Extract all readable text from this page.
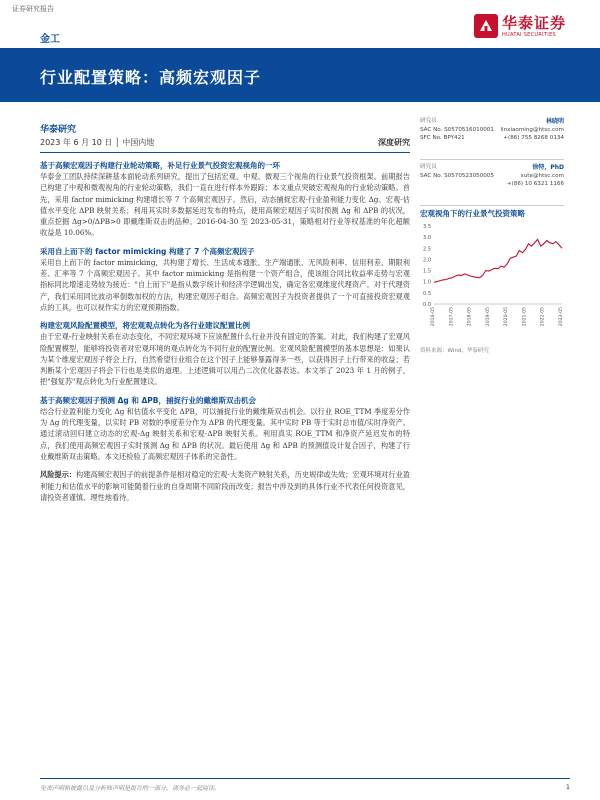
证券研究报告
金工
华泰证券
HUATAI SECURITIES
行业配置策略：高频宏观因子
华泰研究
2023 年 6 月 10 日 │ 中国内地	深度研究
研究员	林晓明
SAC No. S0570516010001 linxiaoming@htsc.com
SFC No. BPY421	+(86) 755 8268 0134
研究员	徐特，PhD
SAC No. S0570523050005	xute@htsc.com
+(86) 10 6321 1166
宏观视角下的行业景气投资策略
0.0
0.5
1.0
1.5
2.0
2.5
3.0
3.5
2016-05	2017-05	2018-05	2019-05	2020-05	2021-05	2022-05	2023-05
资料来源：Wind，华泰研究
基于高频宏观因子构建行业轮动策略，补足行业景气投资宏观视角的一环
华泰金工团队持续深耕基本面轮动系列研究，提出了包括宏观、中观、微观三个视角的行业景气投资框架。前期报告已构建了中观和微观视角的行业轮动策略，我们一直在进行样本外跟踪；本文重点突破宏观视角的行业轮动策略。首先，采用 factor mimicking 构建增长等 7 个高频宏观因子。然后，动态捕捉宏观-行业盈利能力变化 Δg、宏观-估值水平变化 ΔPB 映射关系；利用其实时多数据延迟发布的特点，使用高频宏观因子实时预测 Δg 和 ΔPB 的状况，重点挖掘 Δg>0/ΔPB>0 即戴维斯双击的品种。2016-04-30 至 2023-05-31，策略相对行业等权基准的年化超额收益是 10.06%。
采用自上而下的 factor mimicking 构建了 7 个高频宏观因子
采用自上而下的 factor mimicking，共构建了增长、生活成本通胀、生产端通胀、无风险利率、信用利差、期限利差、汇率等 7 个高频宏观因子。其中 factor mimicking 是指构建一个资产组合，使该组合同比收益率走势与宏观指标同比增速走势较为接近："自上而下"是指从数字统计和经济学逻辑出发，确定各宏观维度代理资产。对于代理资产，我们采用同比波动率倒数加权的方法，构建宏观因子组合。高频宏观因子为投资者提供了一个可直接投资宏观观点的工具，也可以视作实方的宏观预期指数。
构建宏观风险配置模型，将宏观观点转化为各行业建议配置比例
由于宏观-行业映射关系在动态变化，不同宏观环境下应该配置什么行业并没有固定的答案。对此，我们构建了宏观风险配置模型，能够将投资者对宏观环境的观点转化为不同行业的配置比例。宏观风险配置模型的基本思想是：如果认为某个维度宏观因子将会上行，自然希望行业组合在这个因子上能够暴露得多一些，以获得因子上行带来的收益；若判断某个宏观因子将会下行也是类似的道理。上述逻辑可以用凸二次优化器表达。本文举了 2023 年 1 月的例子，把"强复苏"观点转化为行业配置建议。
基于高频宏观因子预测 Δg 和 ΔPB，捕捉行业的戴维斯双击机会
结合行业盈利能力变化 Δg 和估值水平变化 ΔPB，可以捕捉行业的戴维斯双击机会。以行业 ROE_TTM 季度差分作为 Δg 的代理变量，以实时 PB 对数的季度差分作为 ΔPB 的代理变量。其中实时 PB 等于实时总市值/实时净资产。通过滚动回归建立动态的宏观-Δg 映射关系和宏观-ΔPB 映射关系。利用真实 ROE_TTM 和净资产延迟发布的特点，我们使用高频宏观因子实时预测 Δg 和 ΔPB 的状况。最后使用 Δg 和 ΔPB 的预测值设计复合因子，构建了行业戴维斯双击策略。本文还检验了高频宏观因子体系的完备性。
风险提示：构建高频宏观因子的前提条件是相对稳定的宏观-大类资产映射关系，历史规律或失效；宏观环境对行业盈利能力和估值水平的影响可能随着行业的自身周期不同阶段而改变；报告中涉及到的具体行业不代表任何投资意见，请投资者谨慎、理性地看待。
免责声明和披露以及分析师声明是报告的一部分，请务必一起阅读。	1
